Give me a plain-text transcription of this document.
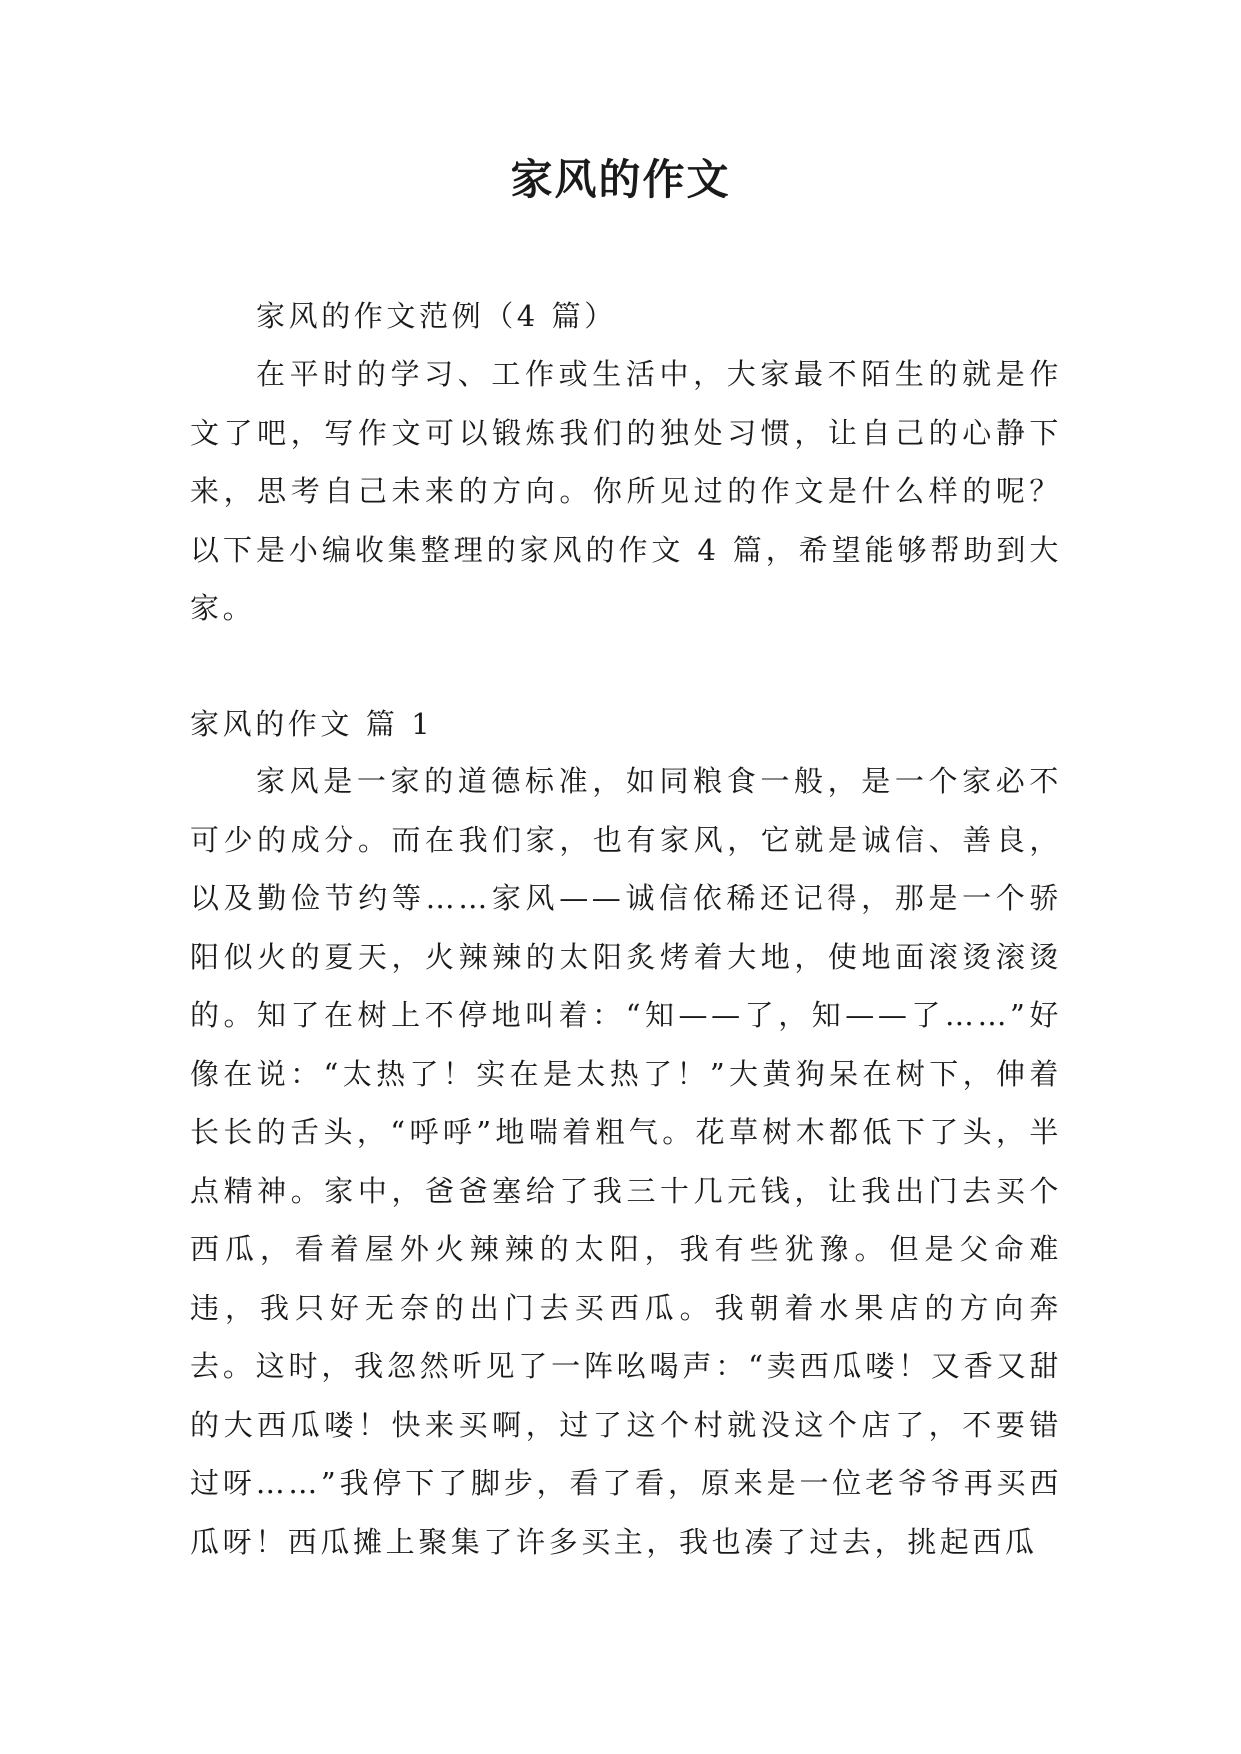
家风的作文

家风的作文范例（4 篇）

在平时的学习、工作或生活中，大家最不陌生的就是作文了吧，写作文可以锻炼我们的独处习惯，让自己的心静下来，思考自己未来的方向。你所见过的作文是什么样的呢？以下是小编收集整理的家风的作文 4 篇，希望能够帮助到大家。

家风的作文 篇 1

家风是一家的道德标准，如同粮食一般，是一个家必不可少的成分。而在我们家，也有家风，它就是诚信、善良，以及勤俭节约等……家风——诚信依稀还记得，那是一个骄阳似火的夏天，火辣辣的太阳炙烤着大地，使地面滚烫滚烫的。知了在树上不停地叫着：“知——了，知——了……”好像在说：“太热了！实在是太热了！”大黄狗呆在树下，伸着长长的舌头，“呼呼”地喘着粗气。花草树木都低下了头，半点精神。家中，爸爸塞给了我三十几元钱，让我出门去买个西瓜，看着屋外火辣辣的太阳，我有些犹豫。但是父命难违，我只好无奈的出门去买西瓜。我朝着水果店的方向奔去。这时，我忽然听见了一阵吆喝声：“卖西瓜喽！又香又甜的大西瓜喽！快来买啊，过了这个村就没这个店了，不要错过呀……”我停下了脚步，看了看，原来是一位老爷爷再买西瓜呀！西瓜摊上聚集了许多买主，我也凑了过去，挑起西瓜
